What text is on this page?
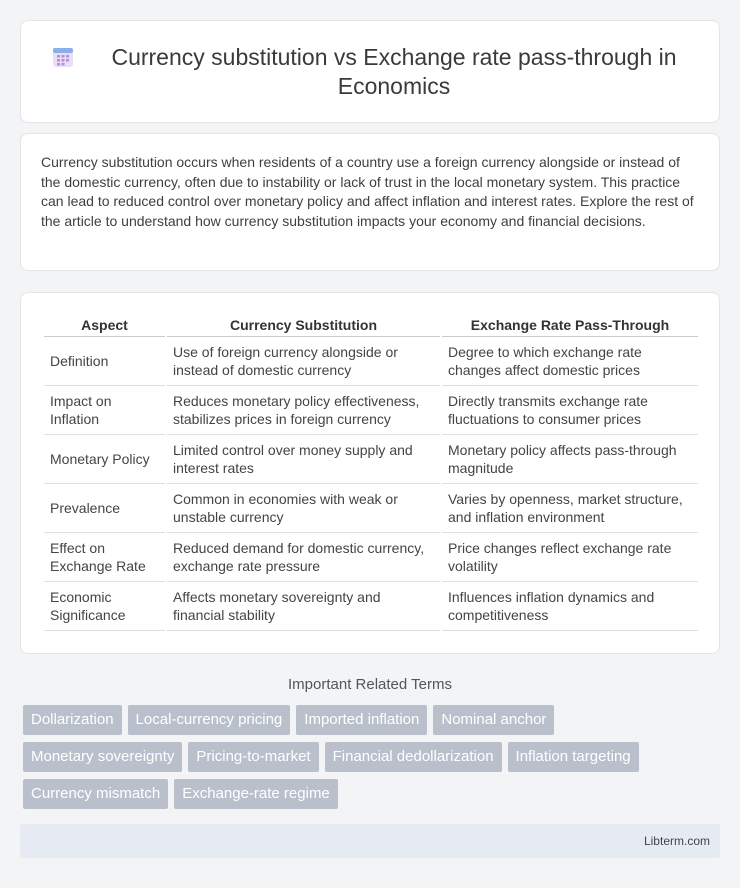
Currency substitution vs Exchange rate pass-through in Economics

Currency substitution occurs when residents of a country use a foreign currency alongside or instead of the domestic currency, often due to instability or lack of trust in the local monetary system. This practice can lead to reduced control over monetary policy and affect inflation and interest rates. Explore the rest of the article to understand how currency substitution impacts your economy and financial decisions.

Aspect	Currency Substitution	Exchange Rate Pass-Through
Definition	Use of foreign currency alongside or instead of domestic currency	Degree to which exchange rate changes affect domestic prices
Impact on Inflation	Reduces monetary policy effectiveness, stabilizes prices in foreign currency	Directly transmits exchange rate fluctuations to consumer prices
Monetary Policy	Limited control over money supply and interest rates	Monetary policy affects pass-through magnitude
Prevalence	Common in economies with weak or unstable currency	Varies by openness, market structure, and inflation environment
Effect on Exchange Rate	Reduced demand for domestic currency, exchange rate pressure	Price changes reflect exchange rate volatility
Economic Significance	Affects monetary sovereignty and financial stability	Influences inflation dynamics and competitiveness
Important Related Terms
Dollarization	Local-currency pricing	Imported inflation	Nominal anchor
Monetary sovereignty	Pricing-to-market	Financial dedollarization	Inflation targeting
Currency mismatch	Exchange-rate regime
Libterm.com
